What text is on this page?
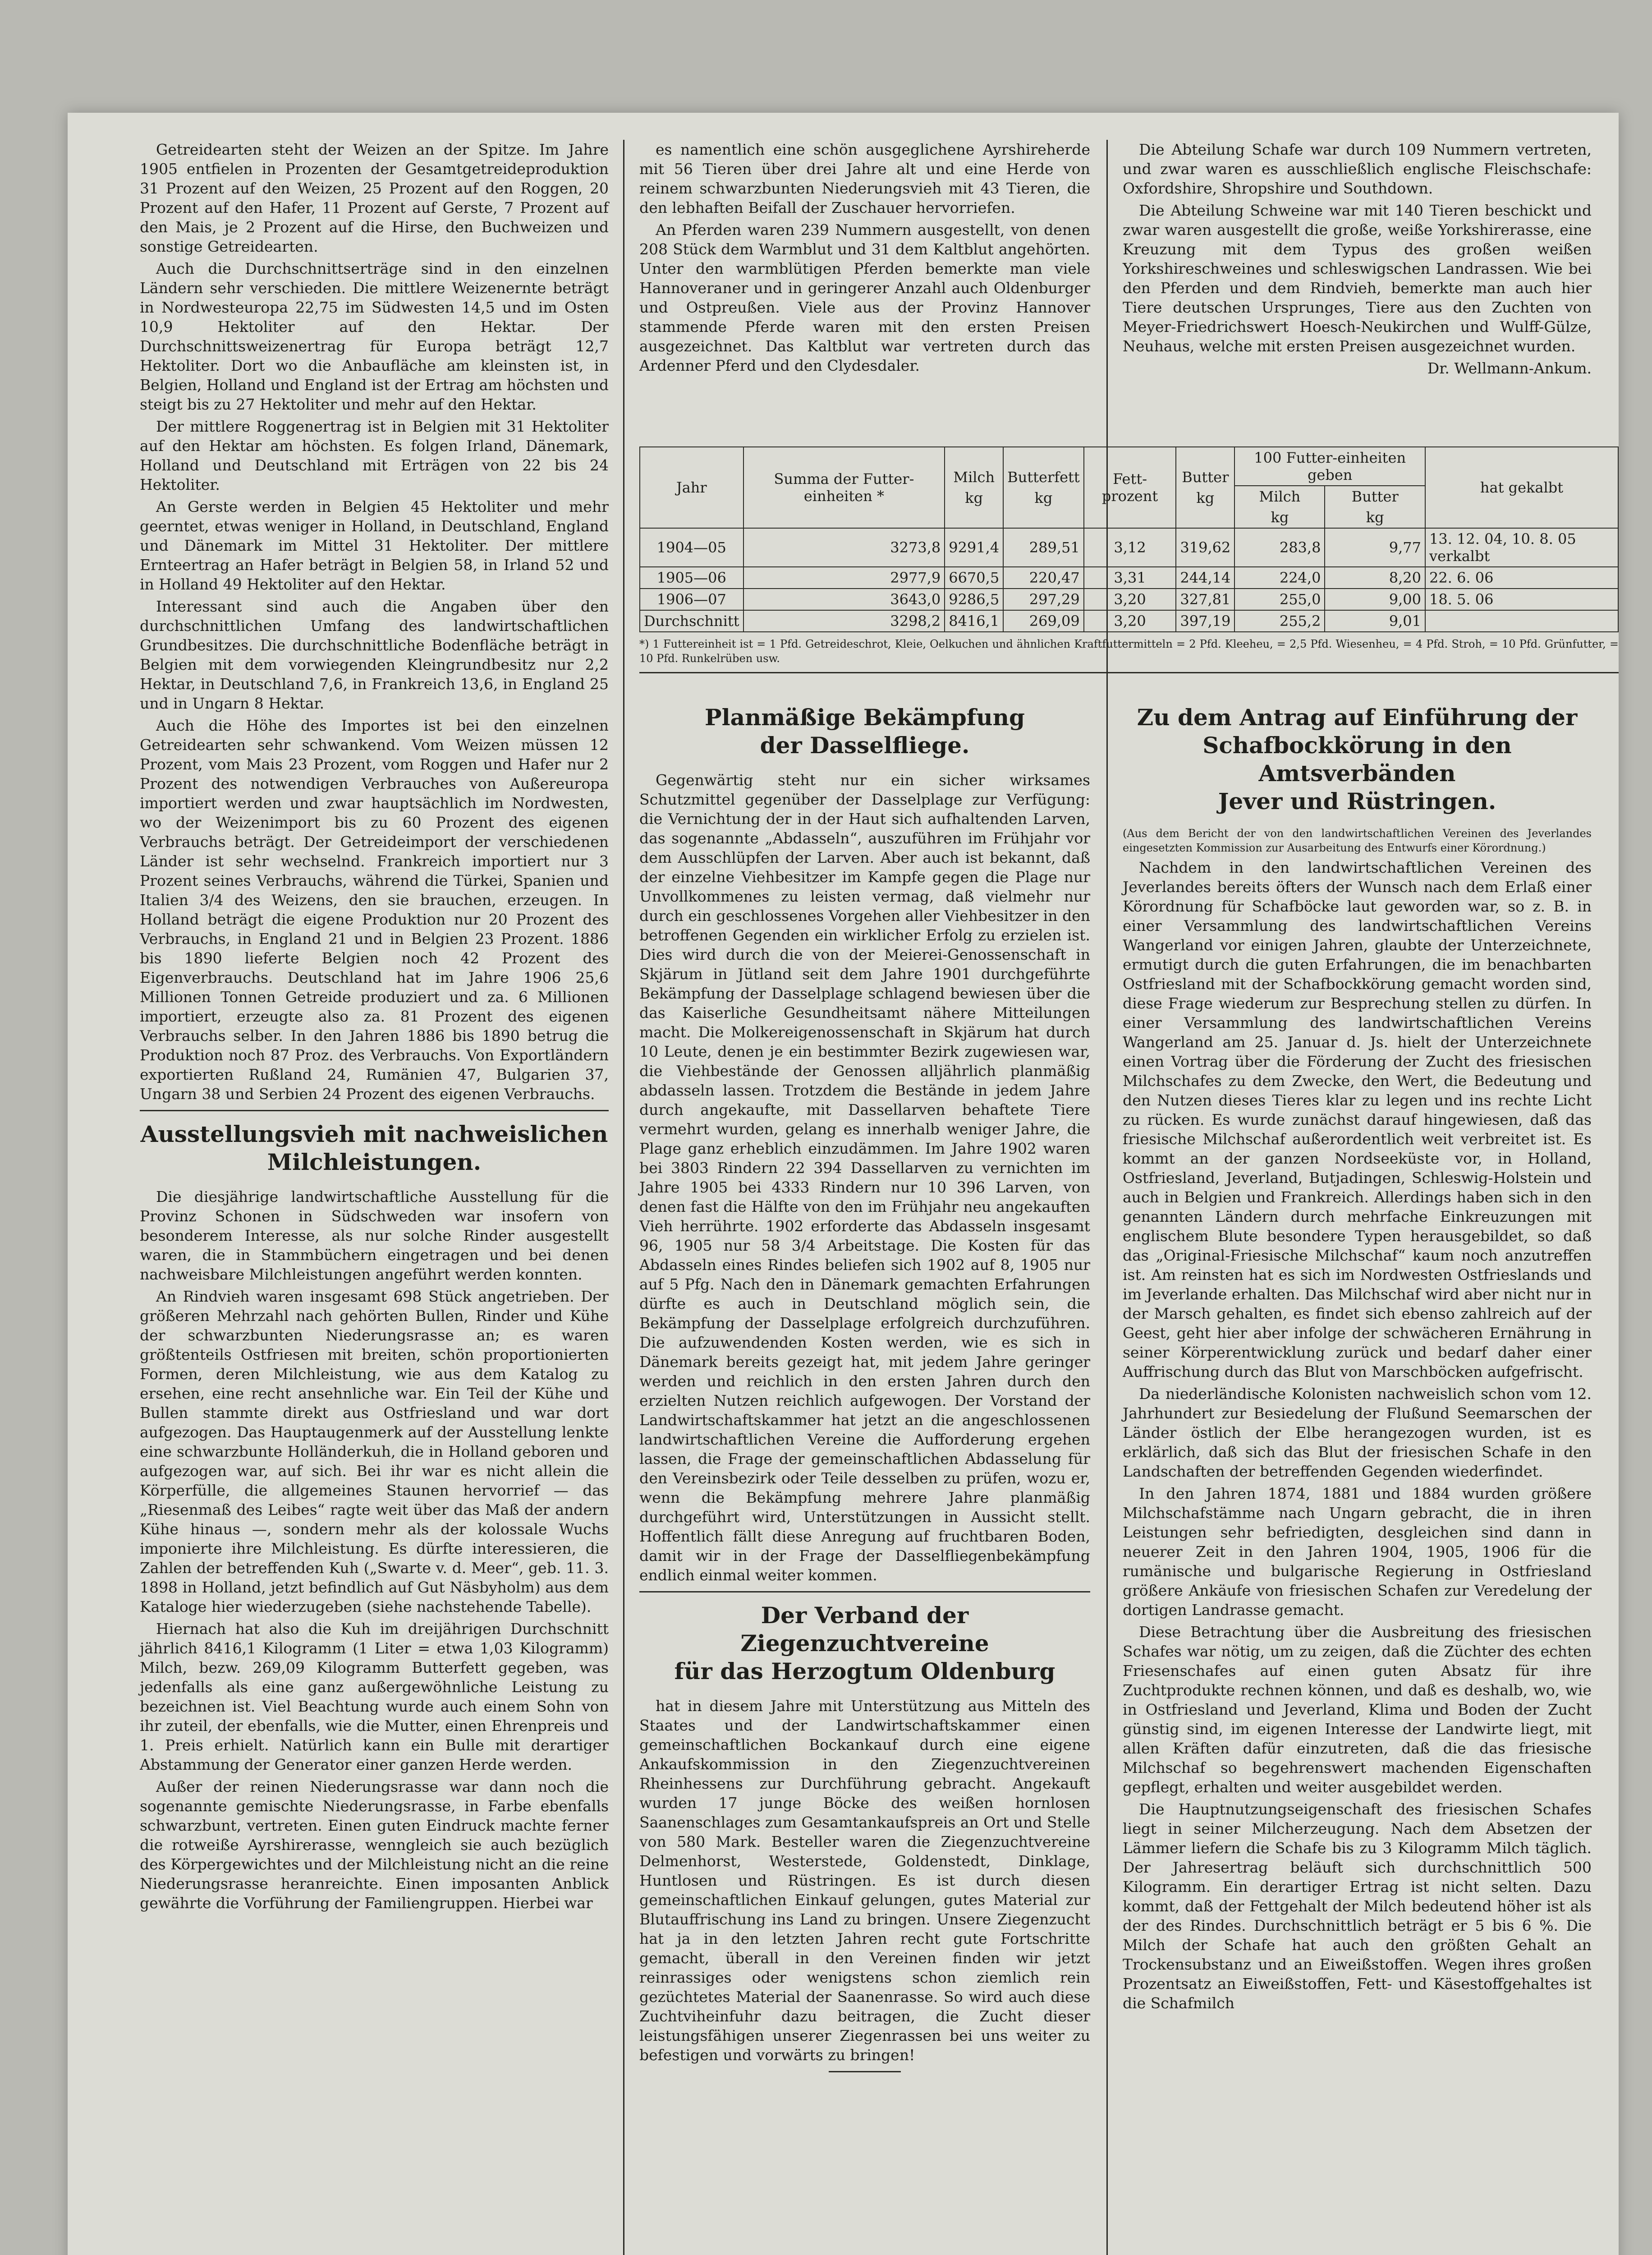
Getreidearten steht der Weizen an der Spitze. Im Jahre 1905 entfielen in Prozenten der Gesamtgetreideproduktion 31 Prozent auf den Weizen, 25 Prozent auf den Roggen, 20 Prozent auf den Hafer, 11 Prozent auf Gerste, 7 Prozent auf den Mais, je 2 Prozent auf die Hirse, den Buchweizen und sonstige Getreidearten.

Auch die Durchschnittserträge sind in den einzelnen Ländern sehr verschieden. Die mittlere Weizenernte beträgt in Nordwesteuropa 22,75 im Südwesten 14,5 und im Osten 10,9 Hektoliter auf den Hektar. Der Durchschnittsweizenertrag für Europa beträgt 12,7 Hektoliter. Dort wo die Anbaufläche am kleinsten ist, in Belgien, Holland und England ist der Ertrag am höchsten und steigt bis zu 27 Hektoliter und mehr auf den Hektar.

Der mittlere Roggenertrag ist in Belgien mit 31 Hektoliter auf den Hektar am höchsten. Es folgen Irland, Dänemark, Holland und Deutschland mit Erträgen von 22 bis 24 Hektoliter.

An Gerste werden in Belgien 45 Hektoliter und mehr geerntet, etwas weniger in Holland, in Deutschland, England und Dänemark im Mittel 31 Hektoliter. Der mittlere Ernteertrag an Hafer beträgt in Belgien 58, in Irland 52 und in Holland 49 Hektoliter auf den Hektar.

Interessant sind auch die Angaben über den durchschnittlichen Umfang des landwirtschaftlichen Grundbesitzes. Die durchschnittliche Bodenfläche beträgt in Belgien mit dem vorwiegenden Kleingrundbesitz nur 2,2 Hektar, in Deutschland 7,6, in Frankreich 13,6, in England 25 und in Ungarn 8 Hektar.

Auch die Höhe des Importes ist bei den einzelnen Getreidearten sehr schwankend. Vom Weizen müssen 12 Prozent, vom Mais 23 Prozent, vom Roggen und Hafer nur 2 Prozent des notwendigen Verbrauches von Außereuropa importiert werden und zwar hauptsächlich im Nordwesten, wo der Weizenimport bis zu 60 Prozent des eigenen Verbrauchs beträgt. Der Getreideimport der verschiedenen Länder ist sehr wechselnd. Frankreich importiert nur 3 Prozent seines Verbrauchs, während die Türkei, Spanien und Italien 3/4 des Weizens, den sie brauchen, erzeugen. In Holland beträgt die eigene Produktion nur 20 Prozent des Verbrauchs, in England 21 und in Belgien 23 Prozent. 1886 bis 1890 lieferte Belgien noch 42 Prozent des Eigenverbrauchs. Deutschland hat im Jahre 1906 25,6 Millionen Tonnen Getreide produziert und za. 6 Millionen importiert, erzeugte also za. 81 Prozent des eigenen Verbrauchs selber. In den Jahren 1886 bis 1890 betrug die Produktion noch 87 Proz. des Verbrauchs. Von Exportländern exportierten Rußland 24, Rumänien 47, Bulgarien 37, Ungarn 38 und Serbien 24 Prozent des eigenen Verbrauchs.

Ausstellungsvieh mit nachweislichen
Milchleistungen.

Die diesjährige landwirtschaftliche Ausstellung für die Provinz Schonen in Südschweden war insofern von besonderem Interesse, als nur solche Rinder ausgestellt waren, die in Stammbüchern eingetragen und bei denen nachweisbare Milchleistungen angeführt werden konnten.

An Rindvieh waren insgesamt 698 Stück angetrieben. Der größeren Mehrzahl nach gehörten Bullen, Rinder und Kühe der schwarzbunten Niederungsrasse an; es waren größtenteils Ostfriesen mit breiten, schön proportionierten Formen, deren Milchleistung, wie aus dem Katalog zu ersehen, eine recht ansehnliche war. Ein Teil der Kühe und Bullen stammte direkt aus Ostfriesland und war dort aufgezogen. Das Hauptaugenmerk auf der Ausstellung lenkte eine schwarzbunte Holländerkuh, die in Holland geboren und aufgezogen war, auf sich. Bei ihr war es nicht allein die Körperfülle, die allgemeines Staunen hervorrief — das „Riesenmaß des Leibes“ ragte weit über das Maß der andern Kühe hinaus —, sondern mehr als der kolossale Wuchs imponierte ihre Milchleistung. Es dürfte interessieren, die Zahlen der betreffenden Kuh („Swarte v. d. Meer“, geb. 11. 3. 1898 in Holland, jetzt befindlich auf Gut Näsbyholm) aus dem Kataloge hier wiederzugeben (siehe nachstehende Tabelle).

Hiernach hat also die Kuh im dreijährigen Durchschnitt jährlich 8416,1 Kilogramm (1 Liter = etwa 1,03 Kilogramm) Milch, bezw. 269,09 Kilogramm Butterfett gegeben, was jedenfalls als eine ganz außergewöhnliche Leistung zu bezeichnen ist. Viel Beachtung wurde auch einem Sohn von ihr zuteil, der ebenfalls, wie die Mutter, einen Ehrenpreis und 1. Preis erhielt. Natürlich kann ein Bulle mit derartiger Abstammung der Generator einer ganzen Herde werden.

Außer der reinen Niederungsrasse war dann noch die sogenannte gemischte Niederungsrasse, in Farbe ebenfalls schwarzbunt, vertreten. Einen guten Eindruck machte ferner die rotweiße Ayrshirerasse, wenngleich sie auch bezüglich des Körpergewichtes und der Milchleistung nicht an die reine Niederungsrasse heranreichte. Einen imposanten Anblick gewährte die Vorführung der Familiengruppen. Hierbei war

es namentlich eine schön ausgeglichene Ayrshireherde mit 56 Tieren über drei Jahre alt und eine Herde von reinem schwarzbunten Niederungsvieh mit 43 Tieren, die den lebhaften Beifall der Zuschauer hervorriefen.

An Pferden waren 239 Nummern ausgestellt, von denen 208 Stück dem Warmblut und 31 dem Kaltblut angehörten. Unter den warmblütigen Pferden bemerkte man viele Hannoveraner und in geringerer Anzahl auch Oldenburger und Ostpreußen. Viele aus der Provinz Hannover stammende Pferde waren mit den ersten Preisen ausgezeichnet. Das Kaltblut war vertreten durch das Ardenner Pferd und den Clydesdaler.

Die Abteilung Schafe war durch 109 Nummern vertreten, und zwar waren es ausschließlich englische Fleischschafe: Oxfordshire, Shropshire und Southdown.

Die Abteilung Schweine war mit 140 Tieren beschickt und zwar waren ausgestellt die große, weiße Yorkshirerasse, eine Kreuzung mit dem Typus des großen weißen Yorkshireschweines und schleswigschen Landrassen. Wie bei den Pferden und dem Rindvieh, bemerkte man auch hier Tiere deutschen Ursprunges, Tiere aus den Zuchten von Meyer-Friedrichswert Hoesch-Neukirchen und Wulff-Gülze, Neuhaus, welche mit ersten Preisen ausgezeichnet wurden.

Dr. Wellmann-Ankum.

Jahr	Summa der Futter-einheiten *	Milch
kg	Butterfett
kg	Fett-prozent	Butter
kg	100 Futter-einheiten geben		hat gekalbt
						Milch
kg	Butter
kg	

1904—05	3273,8	9291,4	289,51	3,12	319,62	283,8	9,77	13. 12. 04, 10. 8. 05 verkalbt
1905—06	2977,9	6670,5	220,47	3,31	244,14	224,0	8,20	22. 6. 06
1906—07	3643,0	9286,5	297,29	3,20	327,81	255,0	9,00	18. 5. 06
Durchschnitt	3298,2	8416,1	269,09	3,20	397,19	255,2	9,01	

*) 1 Futtereinheit ist = 1 Pfd. Getreideschrot, Kleie, Oelkuchen und ähnlichen Kraftfuttermitteln = 2 Pfd. Kleeheu, = 2,5 Pfd. Wiesenheu, = 4 Pfd. Stroh, = 10 Pfd. Grünfutter, = 10 Pfd. Runkelrüben usw.

Planmäßige Bekämpfung
der Dasselfliege.

Gegenwärtig steht nur ein sicher wirksames Schutzmittel gegenüber der Dasselplage zur Verfügung: die Vernichtung der in der Haut sich aufhaltenden Larven, das sogenannte „Abdasseln“, auszuführen im Frühjahr vor dem Ausschlüpfen der Larven. Aber auch ist bekannt, daß der einzelne Viehbesitzer im Kampfe gegen die Plage nur Unvollkommenes zu leisten vermag, daß vielmehr nur durch ein geschlossenes Vorgehen aller Viehbesitzer in den betroffenen Gegenden ein wirklicher Erfolg zu erzielen ist. Dies wird durch die von der Meierei-Genossenschaft in Skjärum in Jütland seit dem Jahre 1901 durchgeführte Bekämpfung der Dasselplage schlagend bewiesen über die das Kaiserliche Gesundheitsamt nähere Mitteilungen macht. Die Molkereigenossenschaft in Skjärum hat durch 10 Leute, denen je ein bestimmter Bezirk zugewiesen war, die Viehbestände der Genossen alljährlich planmäßig abdasseln lassen. Trotzdem die Bestände in jedem Jahre durch angekaufte, mit Dassellarven behaftete Tiere vermehrt wurden, gelang es innerhalb weniger Jahre, die Plage ganz erheblich einzudämmen. Im Jahre 1902 waren bei 3803 Rindern 22 394 Dassellarven zu vernichten im Jahre 1905 bei 4333 Rindern nur 10 396 Larven, von denen fast die Hälfte von den im Frühjahr neu angekauften Vieh herrührte. 1902 erforderte das Abdasseln insgesamt 96, 1905 nur 58 3/4 Arbeitstage. Die Kosten für das Abdasseln eines Rindes beliefen sich 1902 auf 8, 1905 nur auf 5 Pfg. Nach den in Dänemark gemachten Erfahrungen dürfte es auch in Deutschland möglich sein, die Bekämpfung der Dasselplage erfolgreich durchzuführen. Die aufzuwendenden Kosten werden, wie es sich in Dänemark bereits gezeigt hat, mit jedem Jahre geringer werden und reichlich in den ersten Jahren durch den erzielten Nutzen reichlich aufgewogen. Der Vorstand der Landwirtschaftskammer hat jetzt an die angeschlossenen landwirtschaftlichen Vereine die Aufforderung ergehen lassen, die Frage der gemeinschaftlichen Abdasselung für den Vereinsbezirk oder Teile desselben zu prüfen, wozu er, wenn die Bekämpfung mehrere Jahre planmäßig durchgeführt wird, Unterstützungen in Aussicht stellt. Hoffentlich fällt diese Anregung auf fruchtbaren Boden, damit wir in der Frage der Dasselfliegenbekämpfung endlich einmal weiter kommen.

Der Verband der Ziegenzuchtvereine
für das Herzogtum Oldenburg

hat in diesem Jahre mit Unterstützung aus Mitteln des Staates und der Landwirtschaftskammer einen gemeinschaftlichen Bockankauf durch eine eigene Ankaufskommission in den Ziegenzuchtvereinen Rheinhessens zur Durchführung gebracht. Angekauft wurden 17 junge Böcke des weißen hornlosen Saanenschlages zum Gesamtankaufspreis an Ort und Stelle von 580 Mark. Besteller waren die Ziegenzuchtvereine Delmenhorst, Westerstede, Goldenstedt, Dinklage, Huntlosen und Rüstringen. Es ist durch diesen gemeinschaftlichen Einkauf gelungen, gutes Material zur Blutauffrischung ins Land zu bringen. Unsere Ziegenzucht hat ja in den letzten Jahren recht gute Fortschritte gemacht, überall in den Vereinen finden wir jetzt reinrassiges oder wenigstens schon ziemlich rein gezüchtetes Material der Saanenrasse. So wird auch diese Zuchtviheinfuhr dazu beitragen, die Zucht dieser leistungsfähigen unserer Ziegenrassen bei uns weiter zu befestigen und vorwärts zu bringen!

Zu dem Antrag auf Einführung der
Schafbockkörung in den Amtsverbänden
Jever und Rüstringen.

(Aus dem Bericht der von den landwirtschaftlichen Vereinen des Jeverlandes eingesetzten Kommission zur Ausarbeitung des Entwurfs einer Körordnung.)

Nachdem in den landwirtschaftlichen Vereinen des Jeverlandes bereits öfters der Wunsch nach dem Erlaß einer Körordnung für Schafböcke laut geworden war, so z. B. in einer Versammlung des landwirtschaftlichen Vereins Wangerland vor einigen Jahren, glaubte der Unterzeichnete, ermutigt durch die guten Erfahrungen, die im benachbarten Ostfriesland mit der Schafbockkörung gemacht worden sind, diese Frage wiederum zur Besprechung stellen zu dürfen. In einer Versammlung des landwirtschaftlichen Vereins Wangerland am 25. Januar d. Js. hielt der Unterzeichnete einen Vortrag über die Förderung der Zucht des friesischen Milchschafes zu dem Zwecke, den Wert, die Bedeutung und den Nutzen dieses Tieres klar zu legen und ins rechte Licht zu rücken. Es wurde zunächst darauf hingewiesen, daß das friesische Milchschaf außerordentlich weit verbreitet ist. Es kommt an der ganzen Nordseeküste vor, in Holland, Ostfriesland, Jeverland, Butjadingen, Schleswig-Holstein und auch in Belgien und Frankreich. Allerdings haben sich in den genannten Ländern durch mehrfache Einkreuzungen mit englischem Blute besondere Typen herausgebildet, so daß das „Original-Friesische Milchschaf“ kaum noch anzutreffen ist. Am reinsten hat es sich im Nordwesten Ostfrieslands und im Jeverlande erhalten. Das Milchschaf wird aber nicht nur in der Marsch gehalten, es findet sich ebenso zahlreich auf der Geest, geht hier aber infolge der schwächeren Ernährung in seiner Körperentwicklung zurück und bedarf daher einer Auffrischung durch das Blut von Marschböcken aufgefrischt.

Da niederländische Kolonisten nachweislich schon vom 12. Jahrhundert zur Besiedelung der Flußund Seemarschen der Länder östlich der Elbe herangezogen wurden, ist es erklärlich, daß sich das Blut der friesischen Schafe in den Landschaften der betreffenden Gegenden wiederfindet.

In den Jahren 1874, 1881 und 1884 wurden größere Milchschafstämme nach Ungarn gebracht, die in ihren Leistungen sehr befriedigten, desgleichen sind dann in neuerer Zeit in den Jahren 1904, 1905, 1906 für die rumänische und bulgarische Regierung in Ostfriesland größere Ankäufe von friesischen Schafen zur Veredelung der dortigen Landrasse gemacht.

Diese Betrachtung über die Ausbreitung des friesischen Schafes war nötig, um zu zeigen, daß die Züchter des echten Friesenschafes auf einen guten Absatz für ihre Zuchtprodukte rechnen können, und daß es deshalb, wo, wie in Ostfriesland und Jeverland, Klima und Boden der Zucht günstig sind, im eigenen Interesse der Landwirte liegt, mit allen Kräften dafür einzutreten, daß die das friesische Milchschaf so begehrenswert machenden Eigenschaften gepflegt, erhalten und weiter ausgebildet werden.

Die Hauptnutzungseigenschaft des friesischen Schafes liegt in seiner Milcherzeugung. Nach dem Absetzen der Lämmer liefern die Schafe bis zu 3 Kilogramm Milch täglich. Der Jahresertrag beläuft sich durchschnittlich 500 Kilogramm. Ein derartiger Ertrag ist nicht selten. Dazu kommt, daß der Fettgehalt der Milch bedeutend höher ist als der des Rindes. Durchschnittlich beträgt er 5 bis 6 %. Die Milch der Schafe hat auch den größten Gehalt an Trockensubstanz und an Eiweißstoffen. Wegen ihres großen Prozentsatz an Eiweißstoffen, Fett- und Käsestoffgehaltes ist die Schafmilch
